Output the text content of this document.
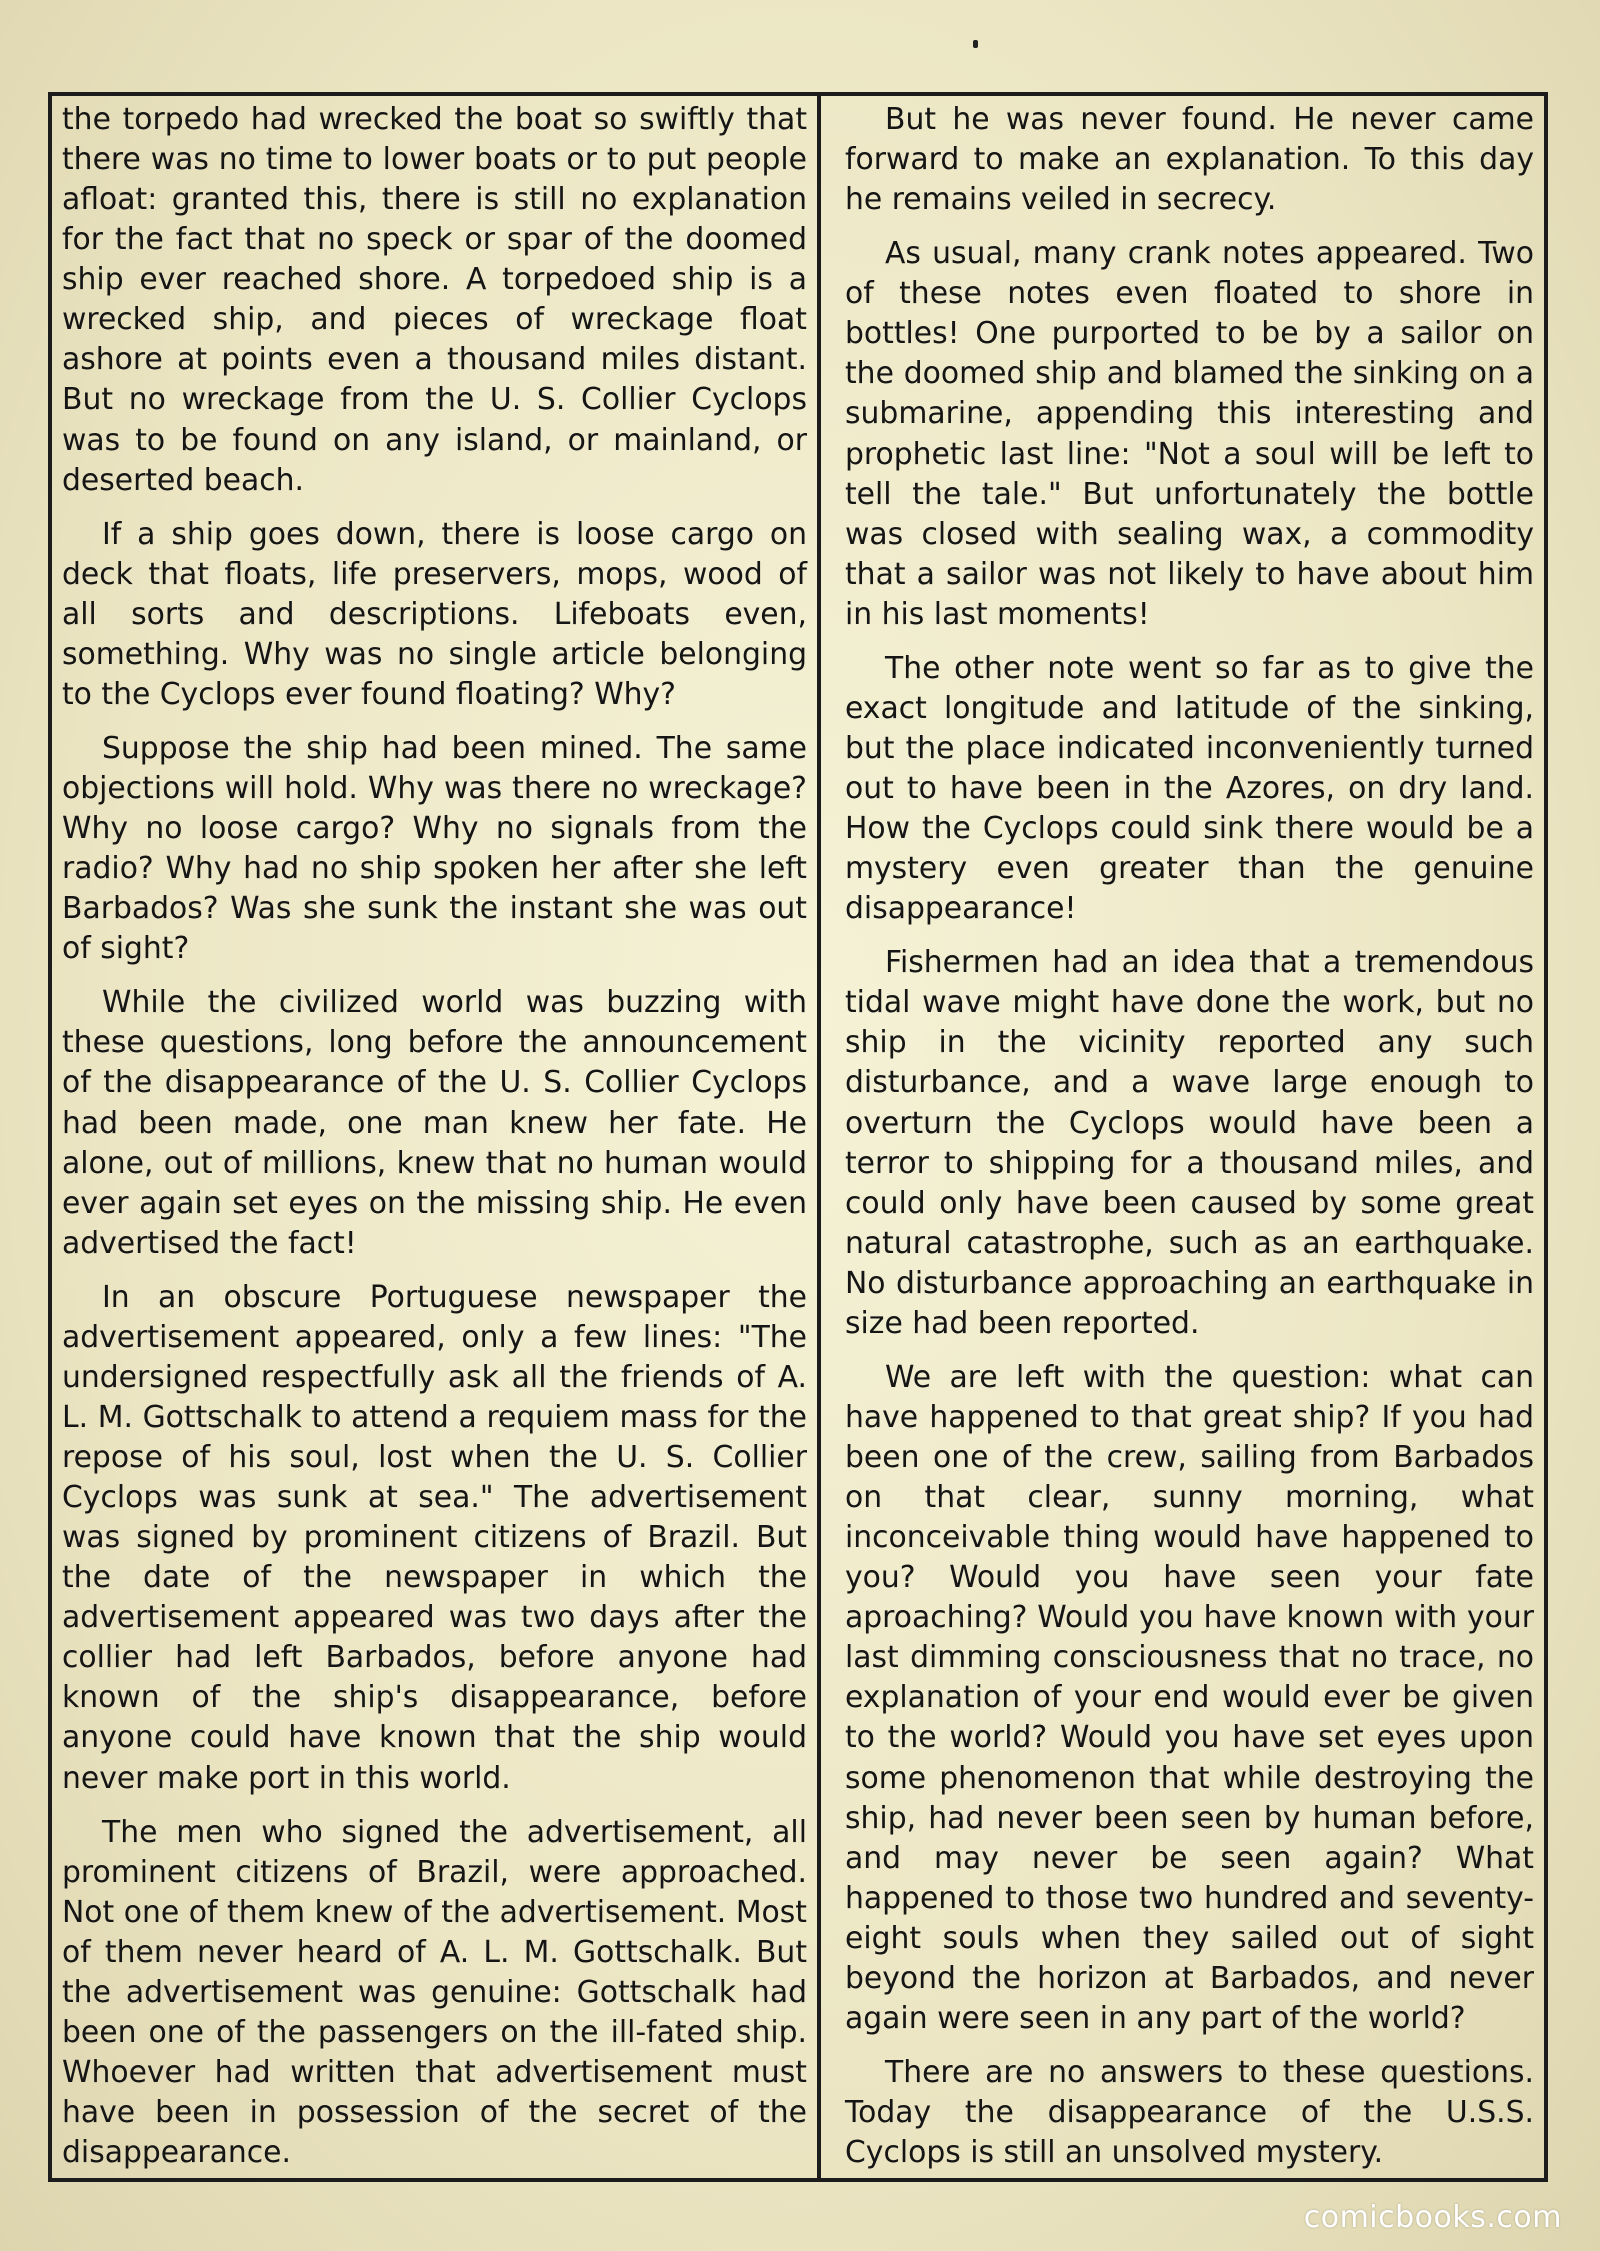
the torpedo had wrecked the boat so swiftly that there was no time to lower boats or to put people afloat: granted this, there is still no explanation for the fact that no speck or spar of the doomed ship ever reached shore. A torpedoed ship is a wrecked ship, and pieces of wreckage float ashore at points even a thousand miles distant. But no wreckage from the U. S. Collier Cyclops was to be found on any island, or mainland, or deserted beach.

If a ship goes down, there is loose cargo on deck that floats, life preservers, mops, wood of all sorts and descriptions. Lifeboats even, something. Why was no single article belonging to the Cyclops ever found floating? Why?

Suppose the ship had been mined. The same objections will hold. Why was there no wreckage? Why no loose cargo? Why no signals from the radio? Why had no ship spoken her after she left Barbados? Was she sunk the instant she was out of sight?

While the civilized world was buzzing with these questions, long before the announcement of the disappearance of the U. S. Collier Cyclops had been made, one man knew her fate. He alone, out of millions, knew that no human would ever again set eyes on the missing ship. He even advertised the fact!

In an obscure Portuguese newspaper the advertisement appeared, only a few lines: "The undersigned respectfully ask all the friends of A. L. M. Gottschalk to attend a requiem mass for the repose of his soul, lost when the U. S. Collier Cyclops was sunk at sea." The advertisement was signed by prominent citizens of Brazil. But the date of the newspaper in which the advertisement appeared was two days after the collier had left Barbados, before anyone had known of the ship's disappearance, before anyone could have known that the ship would never make port in this world.

The men who signed the advertisement, all prominent citizens of Brazil, were approached. Not one of them knew of the advertisement. Most of them never heard of A. L. M. Gottschalk. But the advertisement was genuine: Gottschalk had been one of the passengers on the ill-fated ship. Whoever had written that advertisement must have been in possession of the secret of the disappearance.

But he was never found. He never came forward to make an explanation. To this day he remains veiled in secrecy.

As usual, many crank notes appeared. Two of these notes even floated to shore in bottles! One purported to be by a sailor on the doomed ship and blamed the sinking on a submarine, appending this interesting and prophetic last line: "Not a soul will be left to tell the tale." But unfortunately the bottle was closed with sealing wax, a commodity that a sailor was not likely to have about him in his last moments!

The other note went so far as to give the exact longitude and latitude of the sinking, but the place indicated inconveniently turned out to have been in the Azores, on dry land. How the Cyclops could sink there would be a mystery even greater than the genuine disappearance!

Fishermen had an idea that a tremendous tidal wave might have done the work, but no ship in the vicinity reported any such disturbance, and a wave large enough to overturn the Cyclops would have been a terror to shipping for a thousand miles, and could only have been caused by some great natural catastrophe, such as an earthquake. No disturbance approaching an earthquake in size had been reported.

We are left with the question: what can have happened to that great ship? If you had been one of the crew, sailing from Barbados on that clear, sunny morning, what inconceivable thing would have happened to you? Would you have seen your fate aproaching? Would you have known with your last dimming consciousness that no trace, no explanation of your end would ever be given to the world? Would you have set eyes upon some phenomenon that while destroying the ship, had never been seen by human before, and may never be seen again? What happened to those two hundred and seventy-eight souls when they sailed out of sight beyond the horizon at Barbados, and never again were seen in any part of the world?

There are no answers to these questions. Today the disappearance of the U.S.S. Cyclops is still an unsolved mystery.

comicbooks.com
